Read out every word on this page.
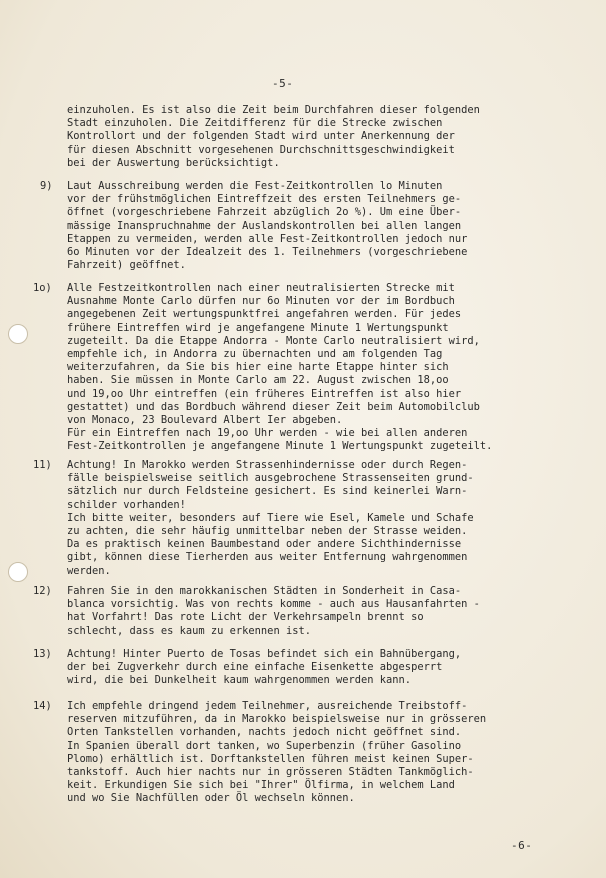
-5-
einzuholen. Es ist also die Zeit beim Durchfahren dieser folgenden
Stadt einzuholen. Die Zeitdifferenz für die Strecke zwischen
Kontrollort und der folgenden Stadt wird unter Anerkennung der
für diesen Abschnitt vorgesehenen Durchschnittsgeschwindigkeit
bei der Auswertung berücksichtigt.
9) Laut Ausschreibung werden die Fest-Zeitkontrollen lo Minuten
vor der frühstmöglichen Eintreffzeit des ersten Teilnehmers ge-
öffnet (vorgeschriebene Fahrzeit abzüglich 2o %). Um eine Über-
mässige Inanspruchnahme der Auslandskontrollen bei allen langen
Etappen zu vermeiden, werden alle Fest-Zeitkontrollen jedoch nur
6o Minuten vor der Idealzeit des 1. Teilnehmers (vorgeschriebene
Fahrzeit) geöffnet.
1o) Alle Festzeitkontrollen nach einer neutralisierten Strecke mit
Ausnahme Monte Carlo dürfen nur 6o Minuten vor der im Bordbuch
angegebenen Zeit wertungspunktfrei angefahren werden. Für jedes
frühere Eintreffen wird je angefangene Minute 1 Wertungspunkt
zugeteilt. Da die Etappe Andorra - Monte Carlo neutralisiert wird,
empfehle ich, in Andorra zu übernachten und am folgenden Tag
weiterzufahren, da Sie bis hier eine harte Etappe hinter sich
haben. Sie müssen in Monte Carlo am 22. August zwischen 18,oo
und 19,oo Uhr eintreffen (ein früheres Eintreffen ist also hier
gestattet) und das Bordbuch während dieser Zeit beim Automobilclub
von Monaco, 23 Boulevard Albert Ier abgeben.
Für ein Eintreffen nach 19,oo Uhr werden - wie bei allen anderen
Fest-Zeitkontrollen je angefangene Minute 1 Wertungspunkt zugeteilt.
11) Achtung! In Marokko werden Strassenhindernisse oder durch Regen-
fälle beispielsweise seitlich ausgebrochene Strassenseiten grund-
sätzlich nur durch Feldsteine gesichert. Es sind keinerlei Warn-
schilder vorhanden!
Ich bitte weiter, besonders auf Tiere wie Esel, Kamele und Schafe
zu achten, die sehr häufig unmittelbar neben der Strasse weiden.
Da es praktisch keinen Baumbestand oder andere Sichthindernisse
gibt, können diese Tierherden aus weiter Entfernung wahrgenommen
werden.
12) Fahren Sie in den marokkanischen Städten in Sonderheit in Casa-
blanca vorsichtig. Was von rechts komme - auch aus Hausanfahrten -
hat Vorfahrt! Das rote Licht der Verkehrsampeln brennt so
schlecht, dass es kaum zu erkennen ist.
13) Achtung! Hinter Puerto de Tosas befindet sich ein Bahnübergang,
der bei Zugverkehr durch eine einfache Eisenkette abgesperrt
wird, die bei Dunkelheit kaum wahrgenommen werden kann.
14) Ich empfehle dringend jedem Teilnehmer, ausreichende Treibstoff-
reserven mitzuführen, da in Marokko beispielsweise nur in grösseren
Orten Tankstellen vorhanden, nachts jedoch nicht geöffnet sind.
In Spanien überall dort tanken, wo Superbenzin (früher Gasolino
Plomo) erhältlich ist. Dorftankstellen führen meist keinen Super-
tankstoff. Auch hier nachts nur in grösseren Städten Tankmöglich-
keit. Erkundigen Sie sich bei "Ihrer" Ölfirma, in welchem Land
und wo Sie Nachfüllen oder Öl wechseln können.
-6-
